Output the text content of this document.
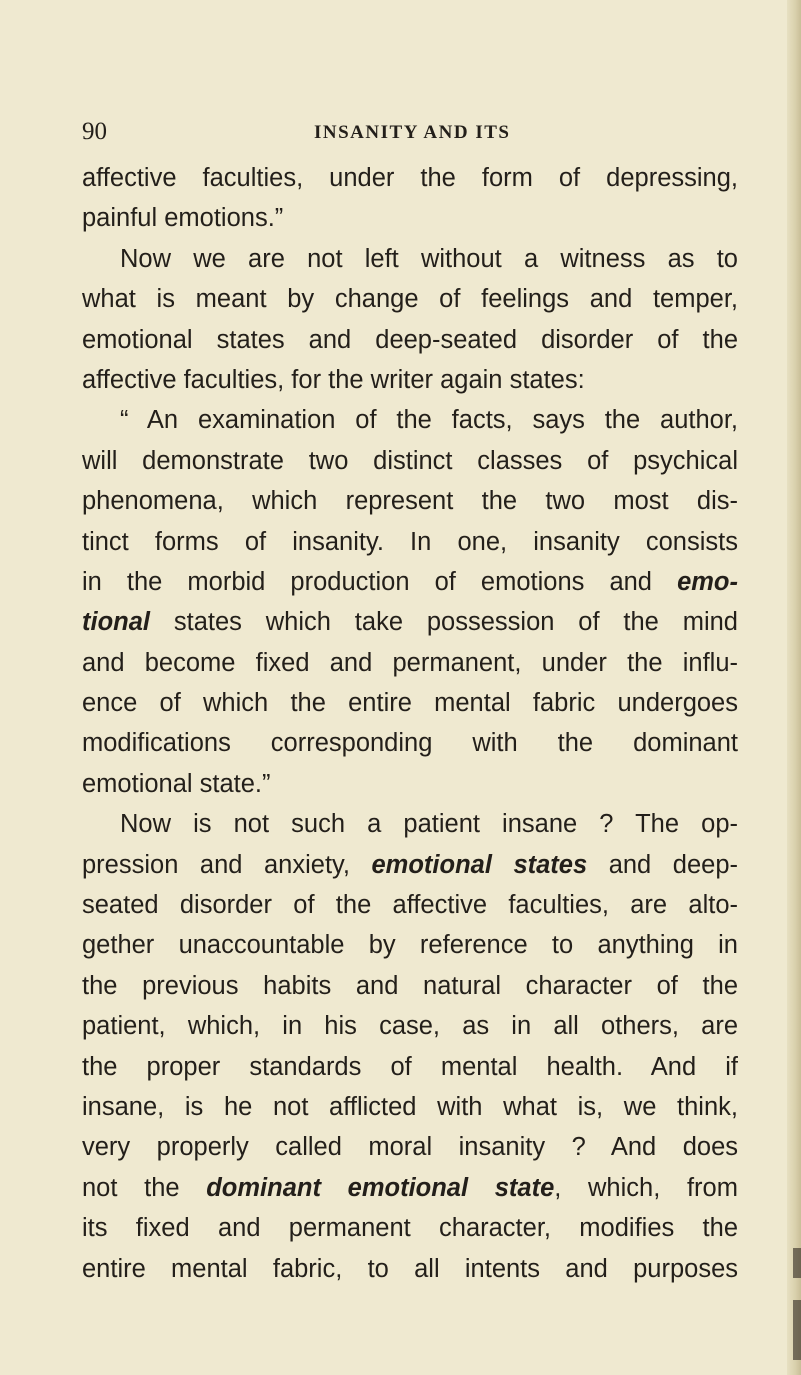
90	INSANITY AND ITS
affective faculties, under the form of depressing,
painful emotions.”
Now we are not left without a witness as to
what is meant by change of feelings and temper,
emotional states and deep-seated disorder of the
affective faculties, for the writer again states:
“ An examination of the facts, says the author,
will demonstrate two distinct classes of psychical
phenomena, which represent the two most dis-
tinct forms of insanity. In one, insanity consists
in the morbid production of emotions and emo-
tional states which take possession of the mind
and become fixed and permanent, under the influ-
ence of which the entire mental fabric undergoes
modifications corresponding with the dominant
emotional state.”
Now is not such a patient insane ? The op-
pression and anxiety, emotional states and deep-
seated disorder of the affective faculties, are alto-
gether unaccountable by reference to anything in
the previous habits and natural character of the
patient, which, in his case, as in all others, are
the proper standards of mental health. And if
insane, is he not afflicted with what is, we think,
very properly called moral insanity ? And does
not the dominant emotional state, which, from
its fixed and permanent character, modifies the
entire mental fabric, to all intents and purposes
